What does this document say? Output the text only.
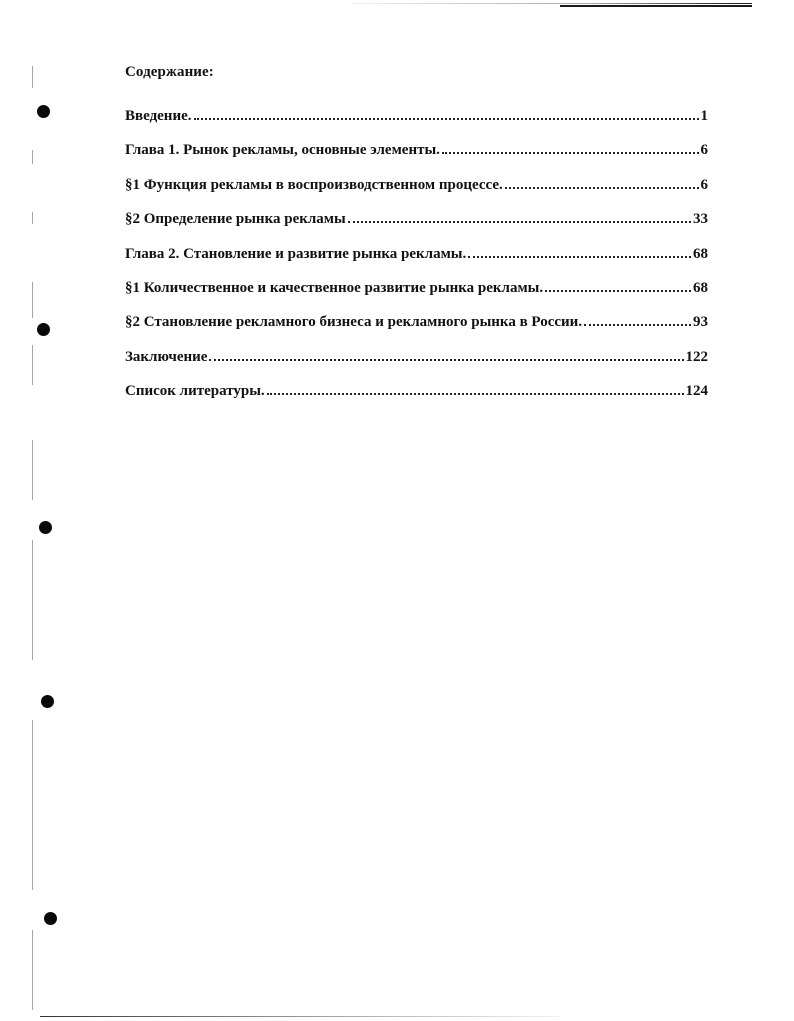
Содержание:
Введение.	1
Глава 1. Рынок рекламы, основные элементы.	6
§1 Функция рекламы в воспроизводственном процессе.	6
§2 Определение рынка рекламы	33
Глава 2. Становление и развитие рынка рекламы.	68
§1 Количественное и качественное развитие рынка рекламы.	68
§2 Становление рекламного бизнеса и рекламного рынка в России.	93
Заключение	122
Список литературы.	124
